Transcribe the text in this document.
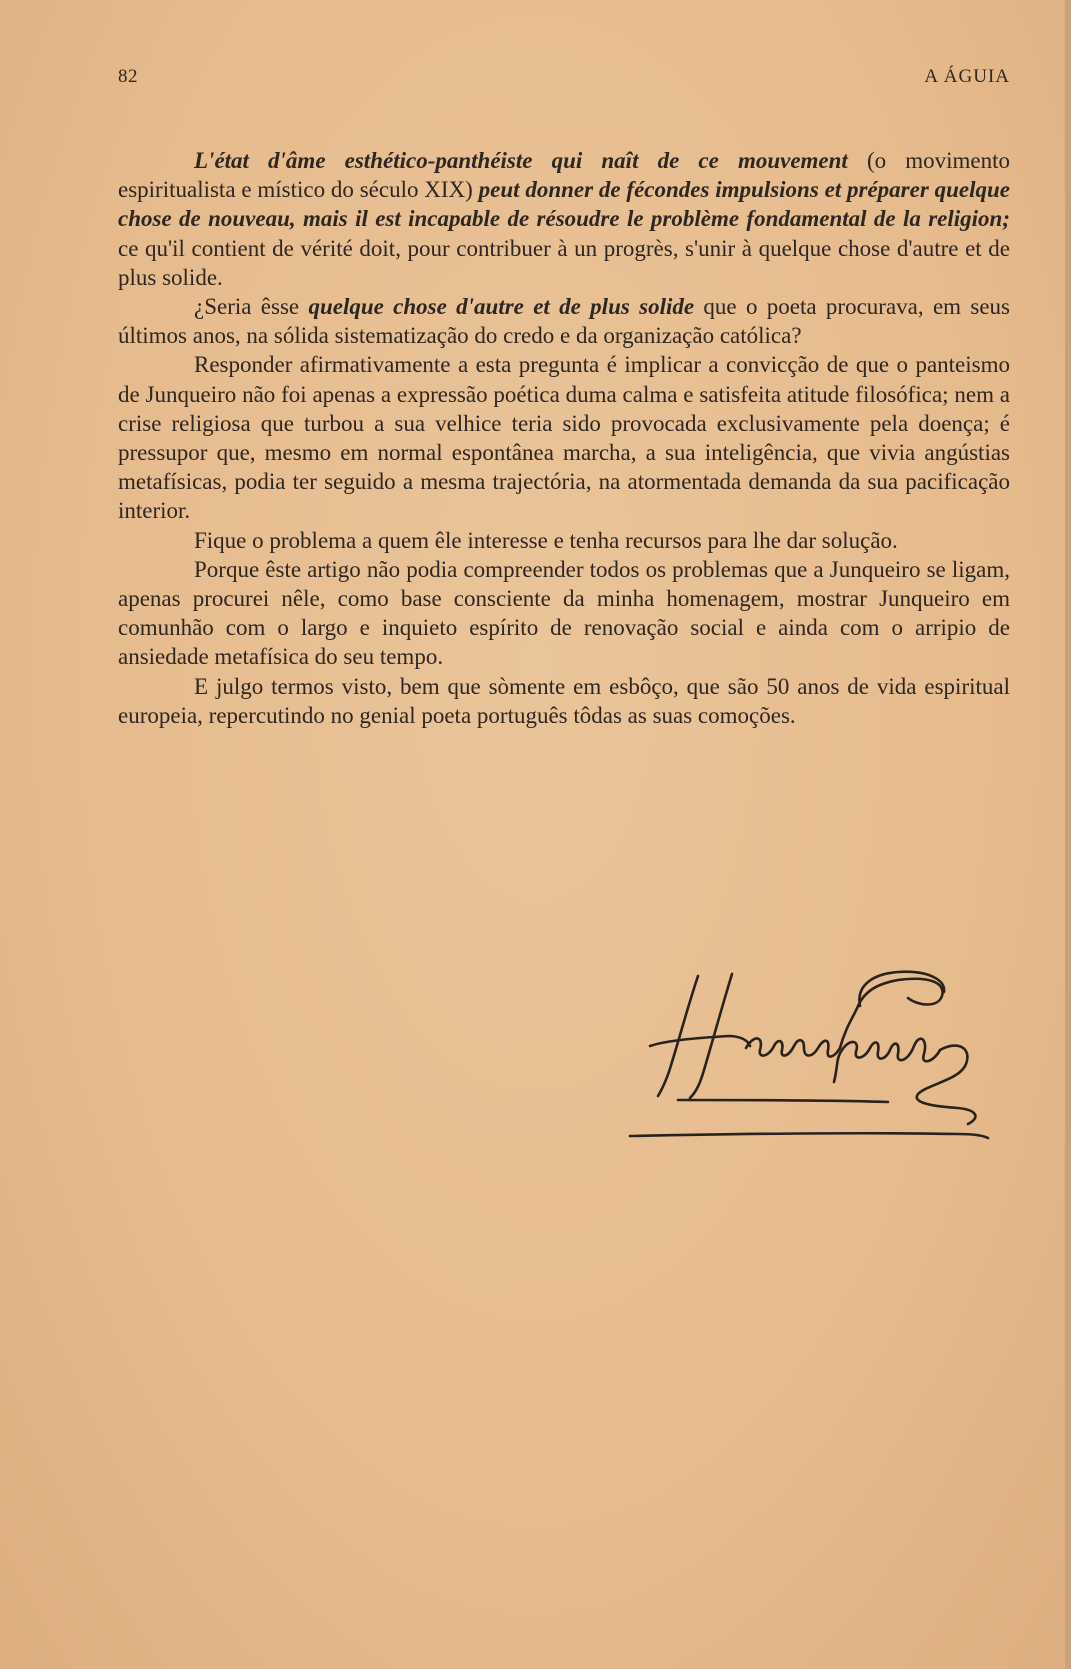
82	A ÁGUIA

L'état d'âme esthético-panthéiste qui naît de ce mouvement (o movimento espiritualista e místico do século XIX) peut donner de fécondes impulsions et préparer quelque chose de nouveau, mais il est incapable de résoudre le problème fondamental de la religion; ce qu'il contient de vérité doit, pour contribuer à un progrès, s'unir à quelque chose d'autre et de plus solide.

¿Seria êsse quelque chose d'autre et de plus solide que o poeta procurava, em seus últimos anos, na sólida sistematização do credo e da organização católica?

Responder afirmativamente a esta pregunta é implicar a convicção de que o panteismo de Junqueiro não foi apenas a expressão poética duma calma e satisfeita atitude filosófica; nem a crise religiosa que turbou a sua velhice teria sido provocada exclusivamente pela doença; é pressupor que, mesmo em normal espontânea marcha, a sua inteligência, que vivia angústias metafísicas, podia ter seguido a mesma trajectória, na atormentada demanda da sua pacificação interior.

Fique o problema a quem êle interesse e tenha recursos para lhe dar solução.

Porque êste artigo não podia compreender todos os problemas que a Junqueiro se ligam, apenas procurei nêle, como base consciente da minha homenagem, mostrar Junqueiro em comunhão com o largo e inquieto espírito de renovação social e ainda com o arripio de ansiedade metafísica do seu tempo.

E julgo termos visto, bem que sòmente em esbôço, que são 50 anos de vida espiritual europeia, repercutindo no genial poeta português tôdas as suas comoções.
